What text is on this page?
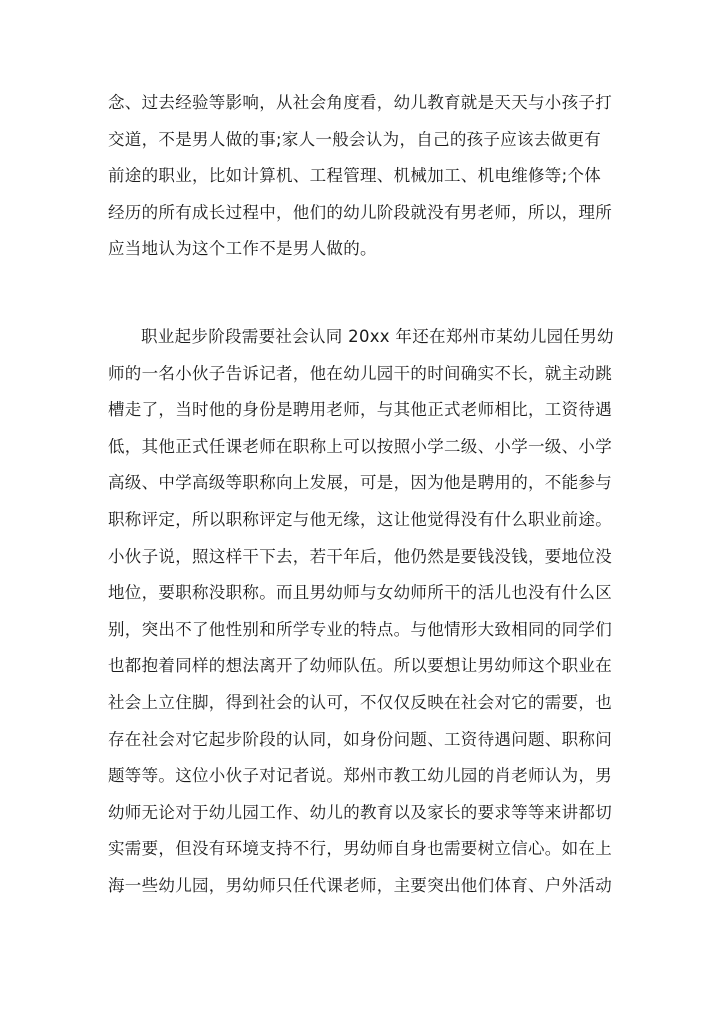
念、过去经验等影响，从社会角度看，幼儿教育就是天天与小孩子打
交道，不是男人做的事;家人一般会认为，自己的孩子应该去做更有
前途的职业，比如计算机、工程管理、机械加工、机电维修等;个体
经历的所有成长过程中，他们的幼儿阶段就没有男老师，所以，理所
应当地认为这个工作不是男人做的。
职业起步阶段需要社会认同 20xx 年还在郑州市某幼儿园任男幼
师的一名小伙子告诉记者，他在幼儿园干的时间确实不长，就主动跳
槽走了，当时他的身份是聘用老师，与其他正式老师相比，工资待遇
低，其他正式任课老师在职称上可以按照小学二级、小学一级、小学
高级、中学高级等职称向上发展，可是，因为他是聘用的，不能参与
职称评定，所以职称评定与他无缘，这让他觉得没有什么职业前途。
小伙子说，照这样干下去，若干年后，他仍然是要钱没钱，要地位没
地位，要职称没职称。而且男幼师与女幼师所干的活儿也没有什么区
别，突出不了他性别和所学专业的特点。与他情形大致相同的同学们
也都抱着同样的想法离开了幼师队伍。所以要想让男幼师这个职业在
社会上立住脚，得到社会的认可，不仅仅反映在社会对它的需要，也
存在社会对它起步阶段的认同，如身份问题、工资待遇问题、职称问
题等等。这位小伙子对记者说。郑州市教工幼儿园的肖老师认为，男
幼师无论对于幼儿园工作、幼儿的教育以及家长的要求等等来讲都切
实需要，但没有环境支持不行，男幼师自身也需要树立信心。如在上
海一些幼儿园，男幼师只任代课老师，主要突出他们体育、户外活动
